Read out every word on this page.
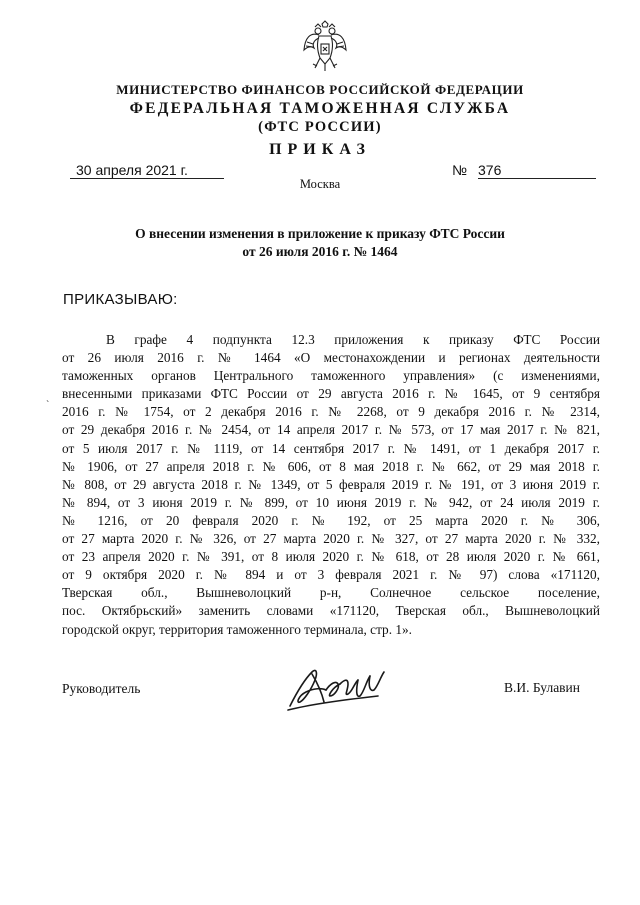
МИНИСТЕРСТВО ФИНАНСОВ РОССИЙСКОЙ ФЕДЕРАЦИИ
ФЕДЕРАЛЬНАЯ ТАМОЖЕННАЯ СЛУЖБА
(ФТС РОССИИ)
ПРИКАЗ
30 апреля 2021 г.	№ 376
Москва
О внесении изменения в приложение к приказу ФТС России
от 26 июля 2016 г. № 1464
ПРИКАЗЫВАЮ:
`
В графе 4 подпункта 12.3 приложения к приказу ФТС России
от 26 июля 2016 г. № 1464 «О местонахождении и регионах деятельности
таможенных органов Центрального таможенного управления» (с изменениями,
внесенными приказами ФТС России от 29 августа 2016 г. № 1645, от 9 сентября
2016 г. № 1754, от 2 декабря 2016 г. № 2268, от 9 декабря 2016 г. № 2314,
от 29 декабря 2016 г. № 2454, от 14 апреля 2017 г. № 573, от 17 мая 2017 г. № 821,
от 5 июля 2017 г. № 1119, от 14 сентября 2017 г. № 1491, от 1 декабря 2017 г.
№ 1906, от 27 апреля 2018 г. № 606, от 8 мая 2018 г. № 662, от 29 мая 2018 г.
№ 808, от 29 августа 2018 г. № 1349, от 5 февраля 2019 г. № 191, от 3 июня 2019 г.
№ 894, от 3 июня 2019 г. № 899, от 10 июня 2019 г. № 942, от 24 июля 2019 г.
№ 1216, от 20 февраля 2020 г. № 192, от 25 марта 2020 г. № 306,
от 27 марта 2020 г. № 326, от 27 марта 2020 г. № 327, от 27 марта 2020 г. № 332,
от 23 апреля 2020 г. № 391, от 8 июля 2020 г. № 618, от 28 июля 2020 г. № 661,
от 9 октября 2020 г. № 894 и от 3 февраля 2021 г. № 97) слова «171120,
Тверская обл., Вышневолоцкий р-н, Солнечное сельское поселение,
пос. Октябрьский» заменить словами «171120, Тверская обл., Вышневолоцкий
городской округ, территория таможенного терминала, стр. 1».
Руководитель	В.И. Булавин
